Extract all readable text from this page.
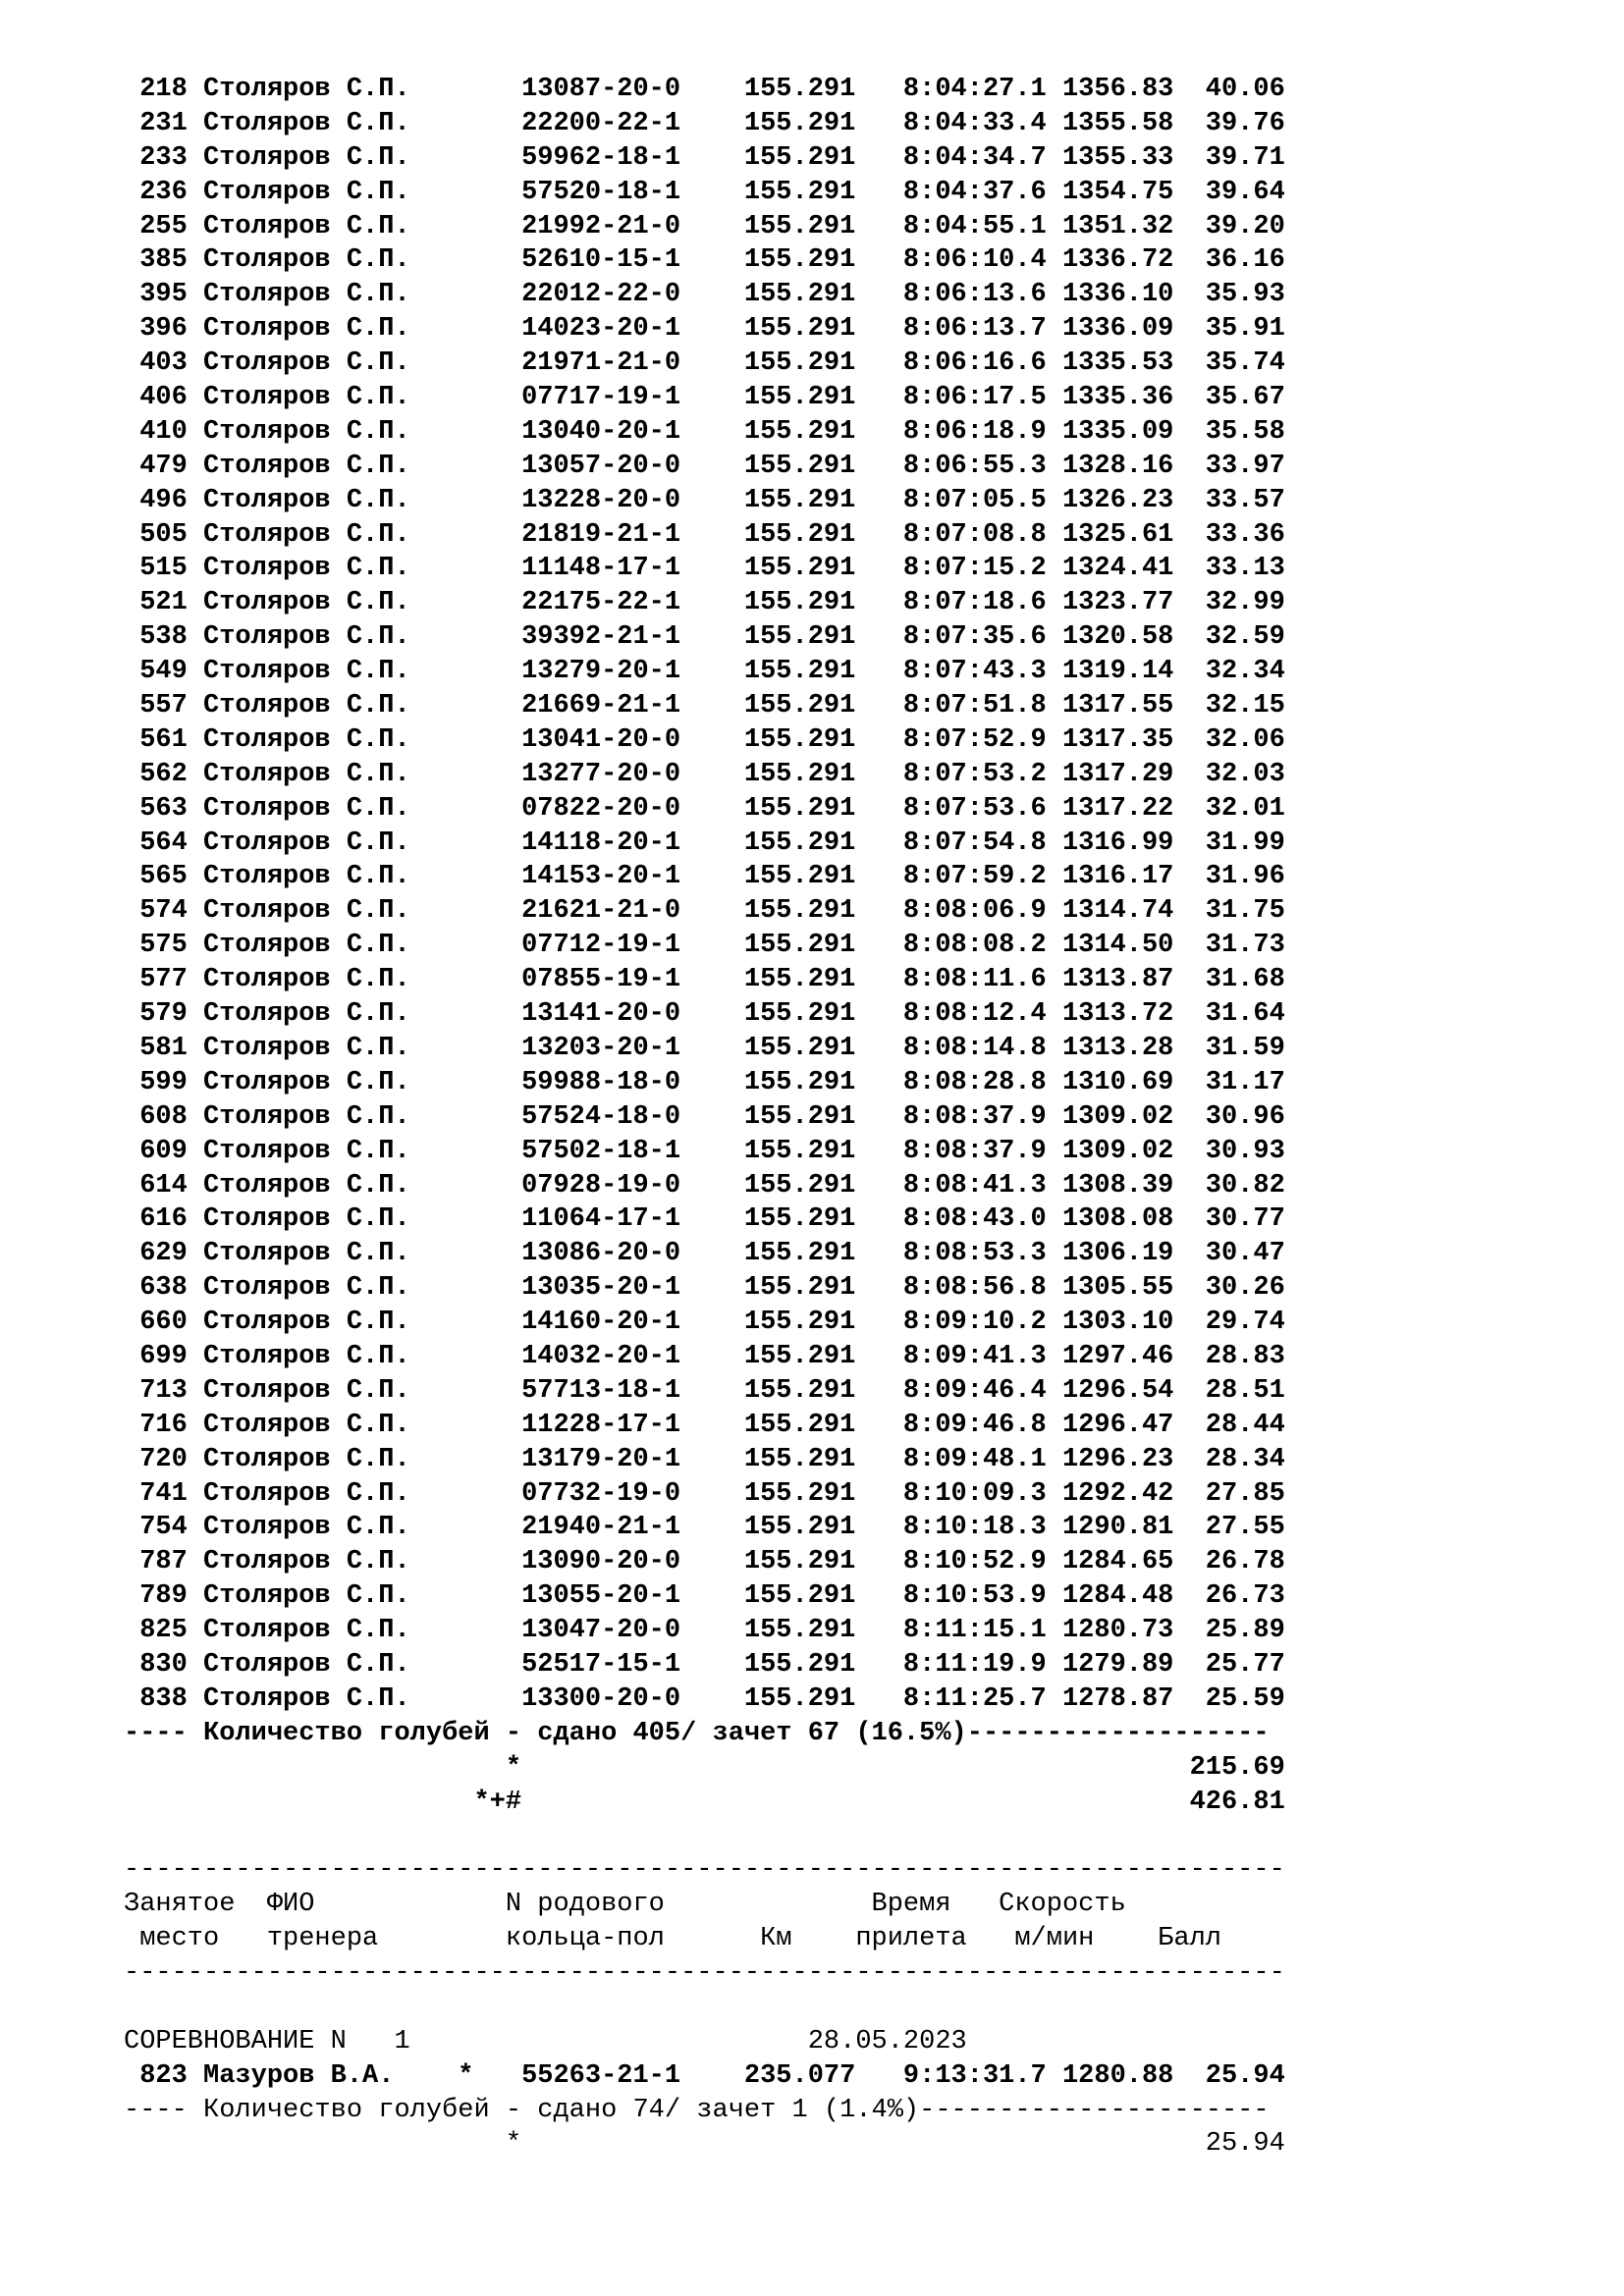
218 Столяров С.П.       13087-20-0    155.291   8:04:27.1 1356.83  40.06
231 Столяров С.П.       22200-22-1    155.291   8:04:33.4 1355.58  39.76
233 Столяров С.П.       59962-18-1    155.291   8:04:34.7 1355.33  39.71
236 Столяров С.П.       57520-18-1    155.291   8:04:37.6 1354.75  39.64
255 Столяров С.П.       21992-21-0    155.291   8:04:55.1 1351.32  39.20
385 Столяров С.П.       52610-15-1    155.291   8:06:10.4 1336.72  36.16
395 Столяров С.П.       22012-22-0    155.291   8:06:13.6 1336.10  35.93
396 Столяров С.П.       14023-20-1    155.291   8:06:13.7 1336.09  35.91
403 Столяров С.П.       21971-21-0    155.291   8:06:16.6 1335.53  35.74
406 Столяров С.П.       07717-19-1    155.291   8:06:17.5 1335.36  35.67
410 Столяров С.П.       13040-20-1    155.291   8:06:18.9 1335.09  35.58
479 Столяров С.П.       13057-20-0    155.291   8:06:55.3 1328.16  33.97
496 Столяров С.П.       13228-20-0    155.291   8:07:05.5 1326.23  33.57
505 Столяров С.П.       21819-21-1    155.291   8:07:08.8 1325.61  33.36
515 Столяров С.П.       11148-17-1    155.291   8:07:15.2 1324.41  33.13
521 Столяров С.П.       22175-22-1    155.291   8:07:18.6 1323.77  32.99
538 Столяров С.П.       39392-21-1    155.291   8:07:35.6 1320.58  32.59
549 Столяров С.П.       13279-20-1    155.291   8:07:43.3 1319.14  32.34
557 Столяров С.П.       21669-21-1    155.291   8:07:51.8 1317.55  32.15
561 Столяров С.П.       13041-20-0    155.291   8:07:52.9 1317.35  32.06
562 Столяров С.П.       13277-20-0    155.291   8:07:53.2 1317.29  32.03
563 Столяров С.П.       07822-20-0    155.291   8:07:53.6 1317.22  32.01
564 Столяров С.П.       14118-20-1    155.291   8:07:54.8 1316.99  31.99
565 Столяров С.П.       14153-20-1    155.291   8:07:59.2 1316.17  31.96
574 Столяров С.П.       21621-21-0    155.291   8:08:06.9 1314.74  31.75
575 Столяров С.П.       07712-19-1    155.291   8:08:08.2 1314.50  31.73
577 Столяров С.П.       07855-19-1    155.291   8:08:11.6 1313.87  31.68
579 Столяров С.П.       13141-20-0    155.291   8:08:12.4 1313.72  31.64
581 Столяров С.П.       13203-20-1    155.291   8:08:14.8 1313.28  31.59
599 Столяров С.П.       59988-18-0    155.291   8:08:28.8 1310.69  31.17
608 Столяров С.П.       57524-18-0    155.291   8:08:37.9 1309.02  30.96
609 Столяров С.П.       57502-18-1    155.291   8:08:37.9 1309.02  30.93
614 Столяров С.П.       07928-19-0    155.291   8:08:41.3 1308.39  30.82
616 Столяров С.П.       11064-17-1    155.291   8:08:43.0 1308.08  30.77
629 Столяров С.П.       13086-20-0    155.291   8:08:53.3 1306.19  30.47
638 Столяров С.П.       13035-20-1    155.291   8:08:56.8 1305.55  30.26
660 Столяров С.П.       14160-20-1    155.291   8:09:10.2 1303.10  29.74
699 Столяров С.П.       14032-20-1    155.291   8:09:41.3 1297.46  28.83
713 Столяров С.П.       57713-18-1    155.291   8:09:46.4 1296.54  28.51
716 Столяров С.П.       11228-17-1    155.291   8:09:46.8 1296.47  28.44
720 Столяров С.П.       13179-20-1    155.291   8:09:48.1 1296.23  28.34
741 Столяров С.П.       07732-19-0    155.291   8:10:09.3 1292.42  27.85
754 Столяров С.П.       21940-21-1    155.291   8:10:18.3 1290.81  27.55
787 Столяров С.П.       13090-20-0    155.291   8:10:52.9 1284.65  26.78
789 Столяров С.П.       13055-20-1    155.291   8:10:53.9 1284.48  26.73
825 Столяров С.П.       13047-20-0    155.291   8:11:15.1 1280.73  25.89
830 Столяров С.П.       52517-15-1    155.291   8:11:19.9 1279.89  25.77
838 Столяров С.П.       13300-20-0    155.291   8:11:25.7 1278.87  25.59
---- Количество голубей - сдано 405/ зачет 67 (16.5%)-------------------
*                                          215.69
*+#                                          426.81
-------------------------------------------------------------------------
Занятое  ФИО            N родового             Время   Скорость
место   тренера        кольца-пол      Км    прилета   м/мин    Балл
-------------------------------------------------------------------------
СОРЕВНОВАНИЕ N   1                         28.05.2023
823 Мазуров В.А.    *   55263-21-1    235.077   9:13:31.7 1280.88  25.94
---- Количество голубей - сдано 74/ зачет 1 (1.4%)----------------------
*                                           25.94
